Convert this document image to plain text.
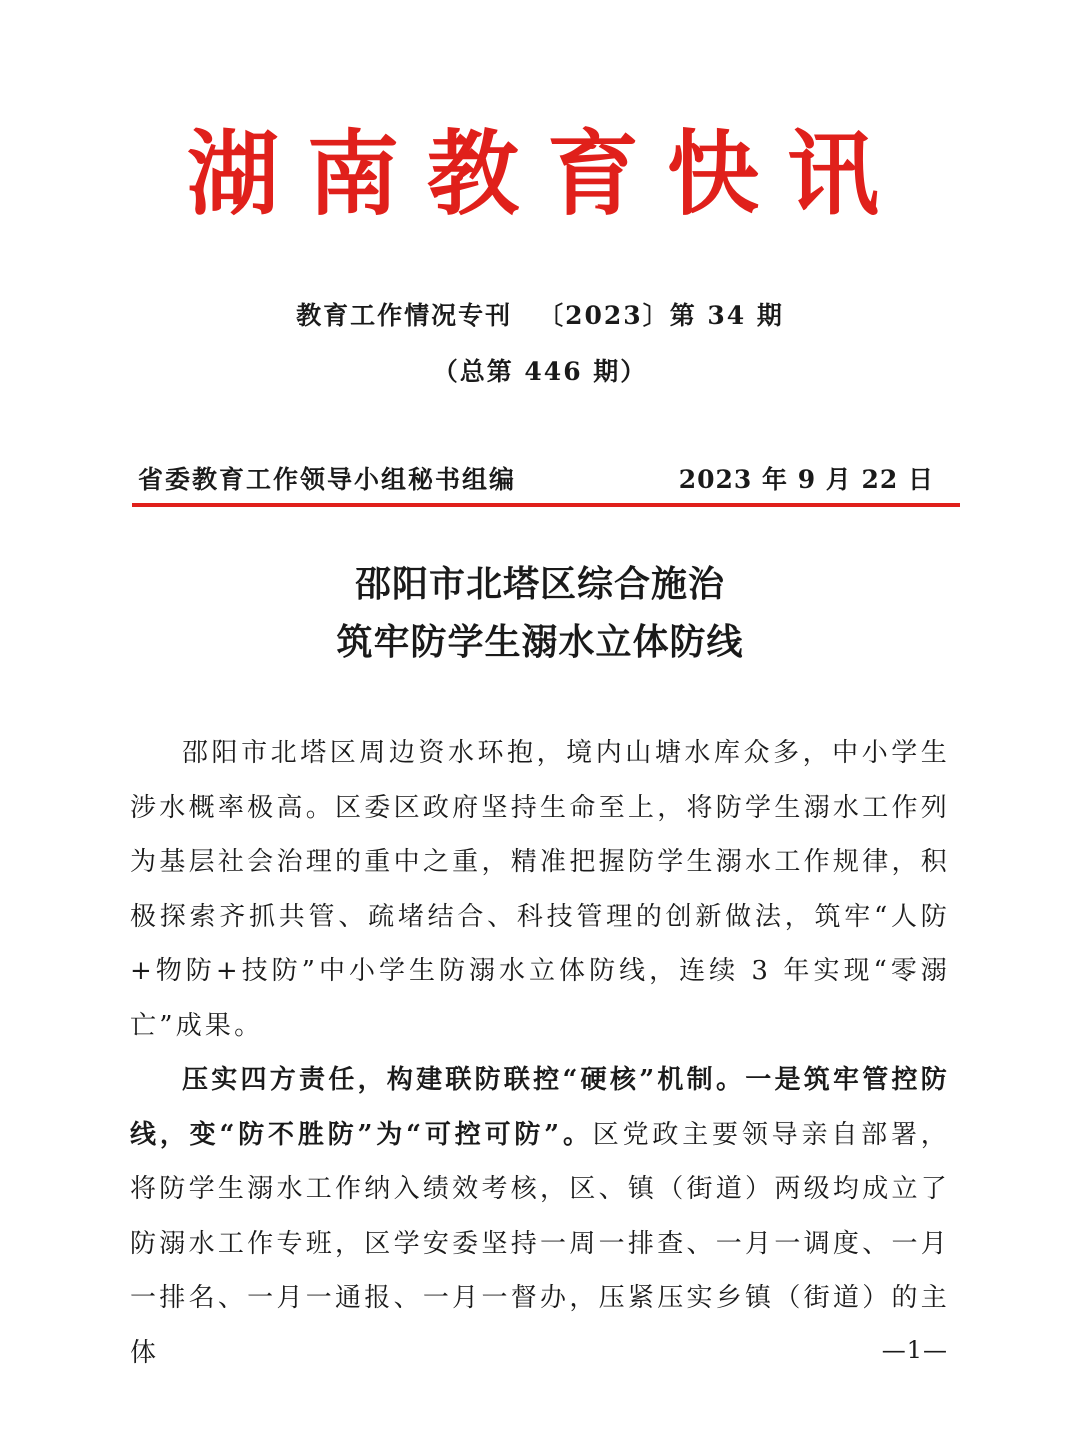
湖南教育快讯
教育工作情况专刊 〔2023〕第 34 期
（总第 446 期）
省委教育工作领导小组秘书组编	2023 年 9 月 22 日
邵阳市北塔区综合施治
筑牢防学生溺水立体防线

邵阳市北塔区周边资水环抱，境内山塘水库众多，中小学生涉水概率极高。区委区政府坚持生命至上，将防学生溺水工作列为基层社会治理的重中之重，精准把握防学生溺水工作规律，积极探索齐抓共管、疏堵结合、科技管理的创新做法，筑牢“人防+物防+技防”中小学生防溺水立体防线，连续 3 年实现“零溺亡”成果。

压实四方责任，构建联防联控“硬核”机制。一是筑牢管控防线，变“防不胜防”为“可控可防”。区党政主要领导亲自部署，将防学生溺水工作纳入绩效考核，区、镇（街道）两级均成立了防溺水工作专班，区学安委坚持一周一排查、一月一调度、一月一排名、一月一通报、一月一督办，压紧压实乡镇（街道）的主体	—1—
